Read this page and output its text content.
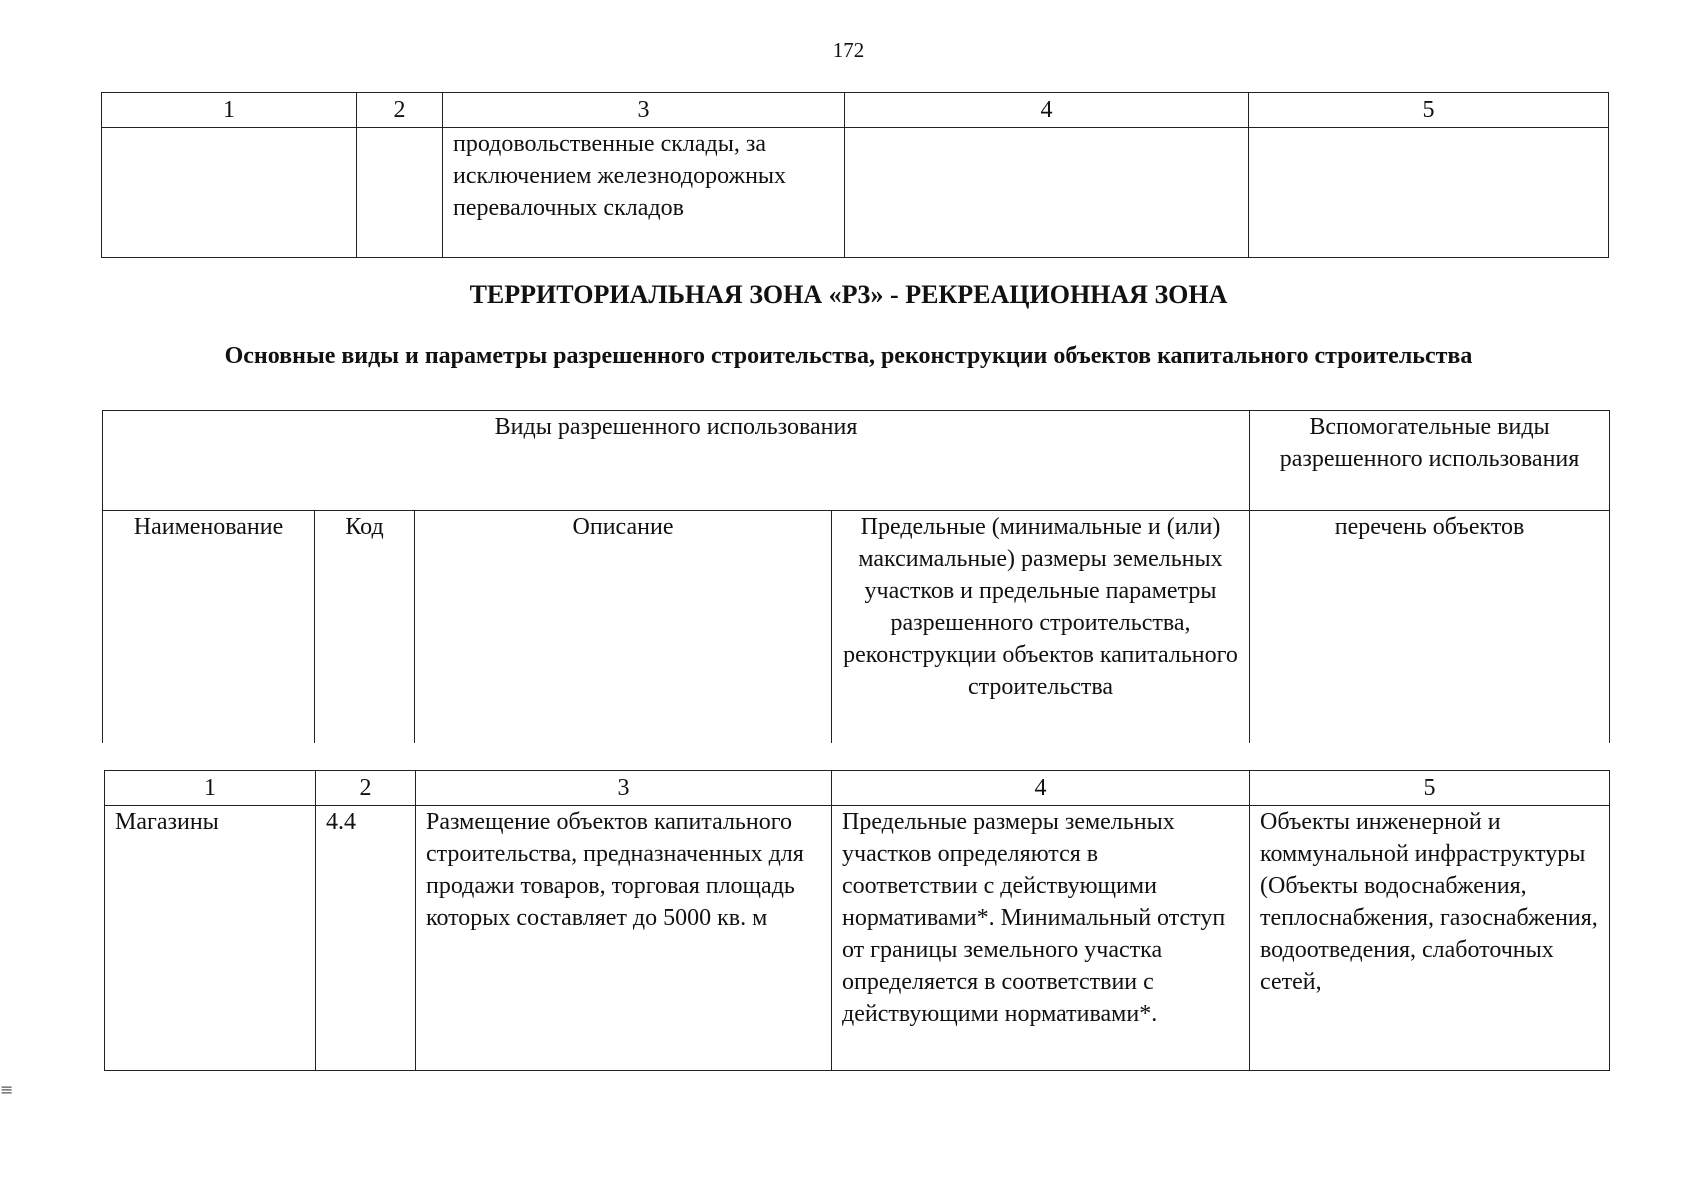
172
1	2	3	4	5
		продовольственные склады, за исключением железнодорожных перевалочных складов		
ТЕРРИТОРИАЛЬНАЯ ЗОНА «Р3» - РЕКРЕАЦИОННАЯ ЗОНА
Основные виды и параметры разрешенного строительства, реконструкции объектов капитального строительства
Виды разрешенного использования				Вспомогательные виды разрешенного использования
Наименование	Код	Описание	Предельные (минимальные и (или) максимальные) размеры земельных участков и предельные параметры разрешенного строительства, реконструкции объектов капитального строительства	перечень объектов
1	2	3	4	5
Магазины	4.4	Размещение объектов капитального строительства, предназначенных для продажи товаров, торговая площадь которых составляет до 5000 кв. м	Предельные размеры земельных участков определяются в соответствии с действующими нормативами*. Минимальный отступ от границы земельного участка определяется в соответствии с действующими нормативами*.	Объекты инженерной и коммунальной инфраструктуры (Объекты водоснабжения, теплоснабжения, газоснабжения, водоотведения, слаботочных сетей,
≡
